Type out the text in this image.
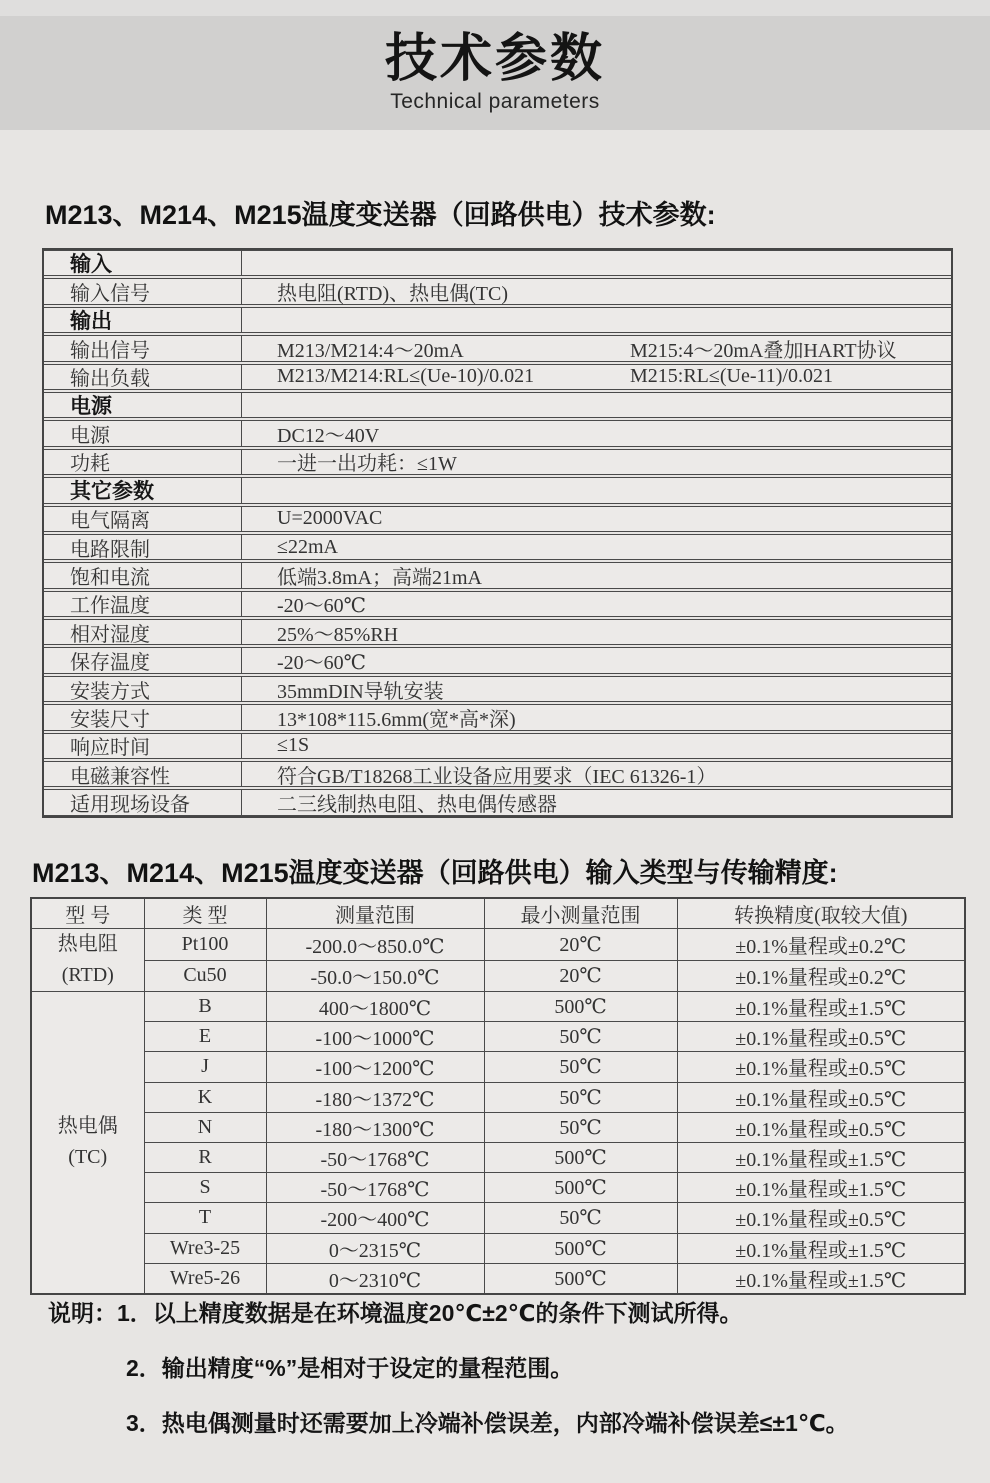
技术参数
Technical parameters
M213、M214、M215温度变送器（回路供电）技术参数:
输入
输入信号	热电阻(RTD)、热电偶(TC)
输出
输出信号	M213/M214:4～20mA	M215:4～20mA叠加HART协议
输出负载	M213/M214:RL≤(Ue-10)/0.021	M215:RL≤(Ue-11)/0.021
电源
电源	DC12～40V
功耗	一进一出功耗：≤1W
其它参数
电气隔离	U=2000VAC
电路限制	≤22mA
饱和电流	低端3.8mA；高端21mA
工作温度	-20～60℃
相对湿度	25%～85%RH
保存温度	-20～60℃
安装方式	35mmDIN导轨安装
安装尺寸	13*108*115.6mm(宽*高*深)
响应时间	≤1S
电磁兼容性	符合GB/T18268工业设备应用要求（IEC 61326-1）
适用现场设备	二三线制热电阻、热电偶传感器
M213、M214、M215温度变送器（回路供电）输入类型与传输精度:
型 号	类 型	测量范围	最小测量范围	转换精度(取较大值)
热电阻
(RTD)	Pt100	-200.0～850.0℃	20℃	±0.1%量程或±0.2℃
	Cu50	-50.0～150.0℃	20℃	±0.1%量程或±0.2℃
热电偶
(TC)	B	400～1800℃	500℃	±0.1%量程或±1.5℃
	E	-100～1000℃	50℃	±0.1%量程或±0.5℃
	J	-100～1200℃	50℃	±0.1%量程或±0.5℃
	K	-180～1372℃	50℃	±0.1%量程或±0.5℃
	N	-180～1300℃	50℃	±0.1%量程或±0.5℃
	R	-50～1768℃	500℃	±0.1%量程或±1.5℃
	S	-50～1768℃	500℃	±0.1%量程或±1.5℃
	T	-200～400℃	50℃	±0.1%量程或±0.5℃
	Wre3-25	0～2315℃	500℃	±0.1%量程或±1.5℃
	Wre5-26	0～2310℃	500℃	±0.1%量程或±1.5℃
说明：1．以上精度数据是在环境温度20℃±2℃的条件下测试所得。
2．输出精度“%”是相对于设定的量程范围。
3．热电偶测量时还需要加上冷端补偿误差，内部冷端补偿误差≤±1℃。
